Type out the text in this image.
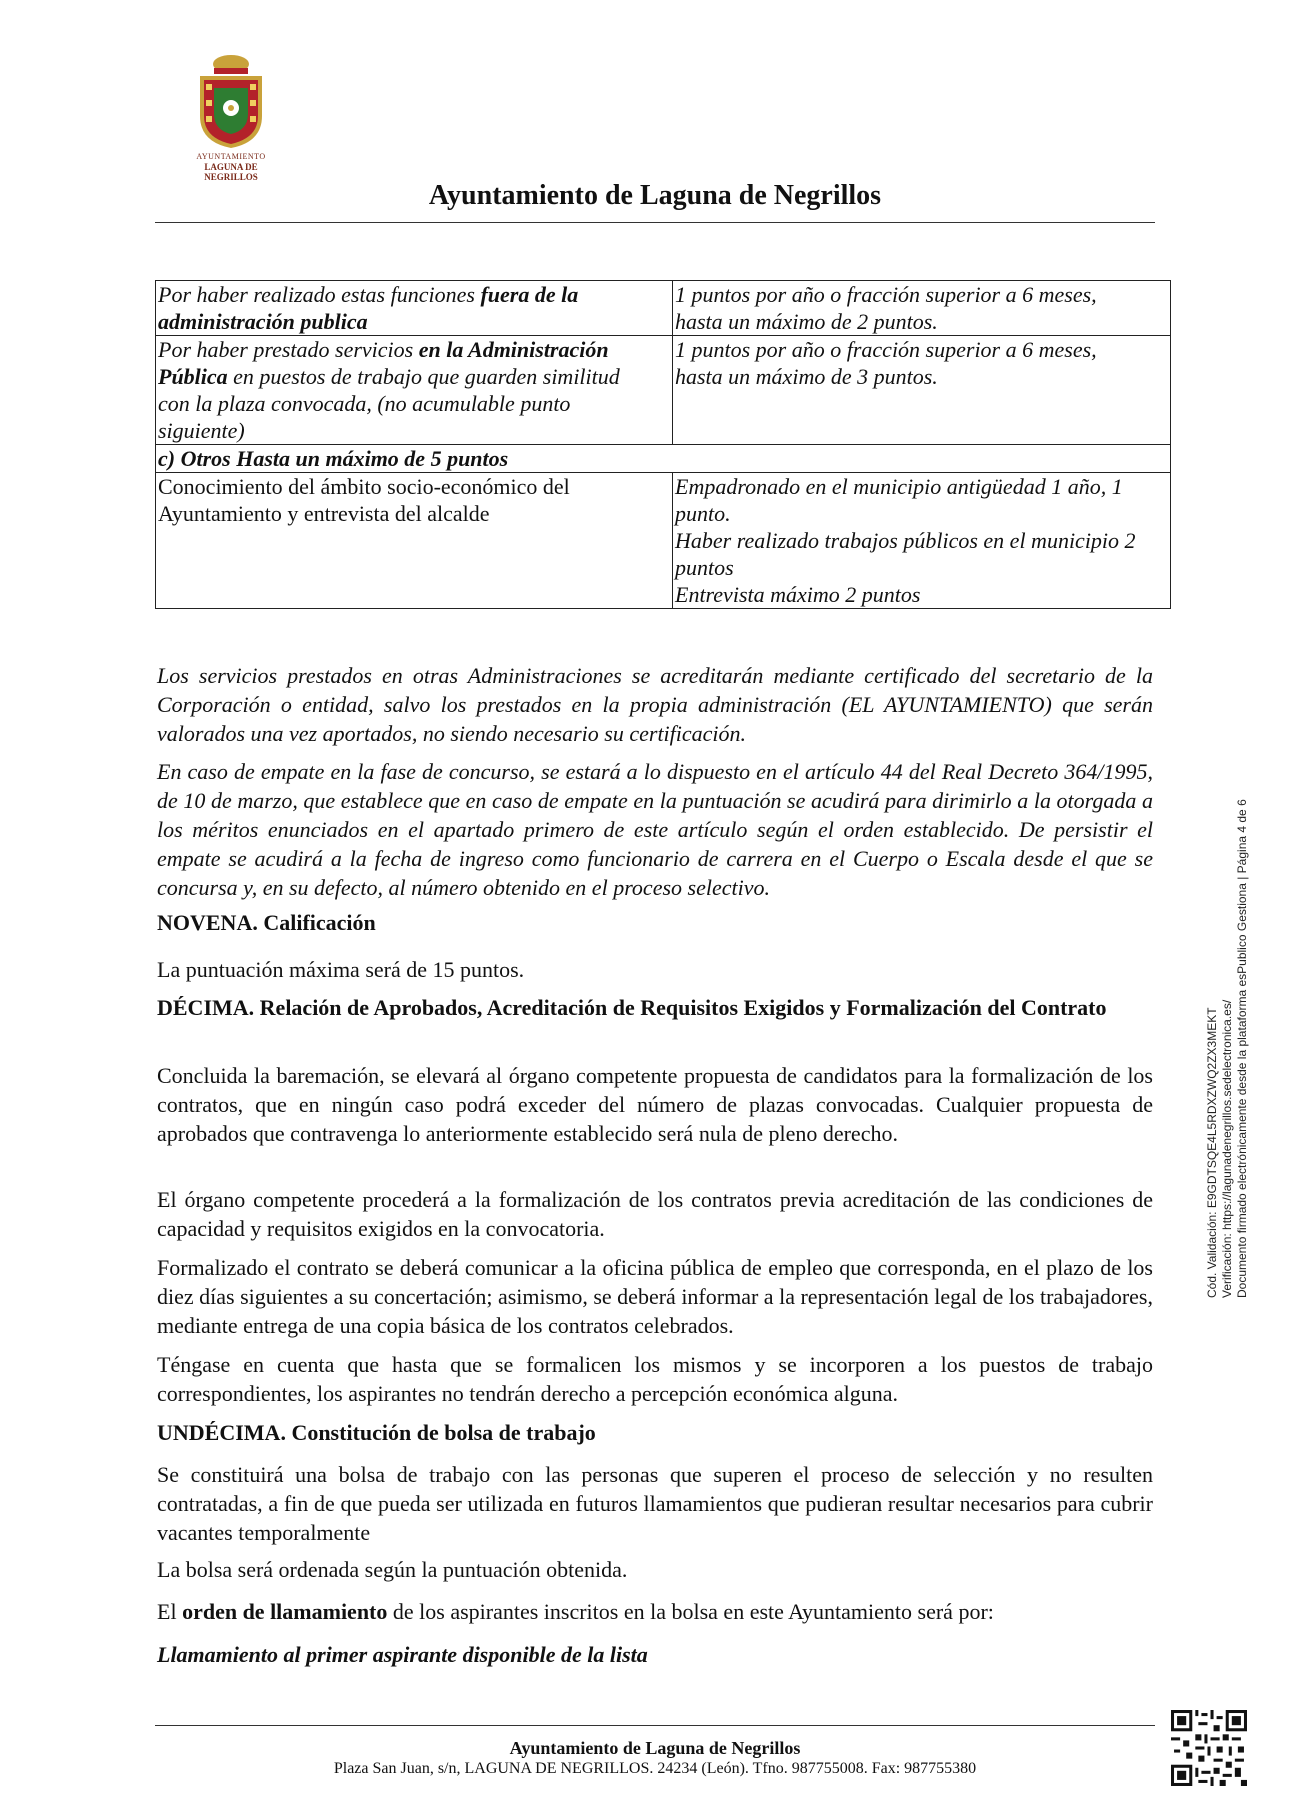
AYUNTAMIENTO
LAGUNA DE NEGRILLOS
Ayuntamiento de Laguna de Negrillos
Por haber realizado estas funciones fuera de la
administración publica	1 puntos por año o fracción superior a 6 meses,
hasta un máximo de 2 puntos.
Por haber prestado servicios en la Administración
Pública en puestos de trabajo que guarden similitud
con la plaza convocada, (no acumulable punto
siguiente)	1 puntos por año o fracción superior a 6 meses,
hasta un máximo de 3 puntos.
c) Otros Hasta un máximo de 5 puntos	
Conocimiento del ámbito socio-económico del
Ayuntamiento y entrevista del alcalde	Empadronado en el municipio antigüedad 1 año, 1
punto.
Haber realizado trabajos públicos en el municipio 2
puntos
Entrevista máximo 2 puntos
Los servicios prestados en otras Administraciones se acreditarán mediante certificado del secretario de la Corporación o entidad, salvo los prestados en la propia administración (EL AYUNTAMIENTO) que serán valorados una vez aportados, no siendo necesario su certificación.
En caso de empate en la fase de concurso, se estará a lo dispuesto en el artículo 44 del Real Decreto 364/1995, de 10 de marzo, que establece que en caso de empate en la puntuación se acudirá para dirimirlo a la otorgada a los méritos enunciados en el apartado primero de este artículo según el orden establecido. De persistir el empate se acudirá a la fecha de ingreso como funcionario de carrera en el Cuerpo o Escala desde el que se concursa y, en su defecto, al número obtenido en el proceso selectivo.
NOVENA. Calificación
La puntuación máxima será de 15 puntos.
DÉCIMA. Relación de Aprobados, Acreditación de Requisitos Exigidos y Formalización del Contrato
Concluida la baremación, se elevará al órgano competente propuesta de candidatos para la formalización de los contratos, que en ningún caso podrá exceder del número de plazas convocadas. Cualquier propuesta de aprobados que contravenga lo anteriormente establecido será nula de pleno derecho.
El órgano competente procederá a la formalización de los contratos previa acreditación de las condiciones de capacidad y requisitos exigidos en la convocatoria.
Formalizado el contrato se deberá comunicar a la oficina pública de empleo que corresponda, en el plazo de los diez días siguientes a su concertación; asimismo, se deberá informar a la representación legal de los trabajadores, mediante entrega de una copia básica de los contratos celebrados.
Téngase en cuenta que hasta que se formalicen los mismos y se incorporen a los puestos de trabajo correspondientes, los aspirantes no tendrán derecho a percepción económica alguna.
UNDÉCIMA. Constitución de bolsa de trabajo
Se constituirá una bolsa de trabajo con las personas que superen el proceso de selección y no resulten contratadas, a fin de que pueda ser utilizada en futuros llamamientos que pudieran resultar necesarios para cubrir vacantes temporalmente
La bolsa será ordenada según la puntuación obtenida.
El orden de llamamiento de los aspirantes inscritos en la bolsa en este Ayuntamiento será por:
Llamamiento al primer aspirante disponible de la lista
Cód. Validación: E9GDTSQE4L5RDXZWQ2ZX3MEKT Verificación: https://lagunadenegrillos.sedelectronica.es/ Documento firmado electrónicamente desde la plataforma esPublico Gestiona | Página 4 de 6
Ayuntamiento de Laguna de Negrillos
Plaza San Juan, s/n, LAGUNA DE NEGRILLOS. 24234 (León). Tfno. 987755008. Fax: 987755380
